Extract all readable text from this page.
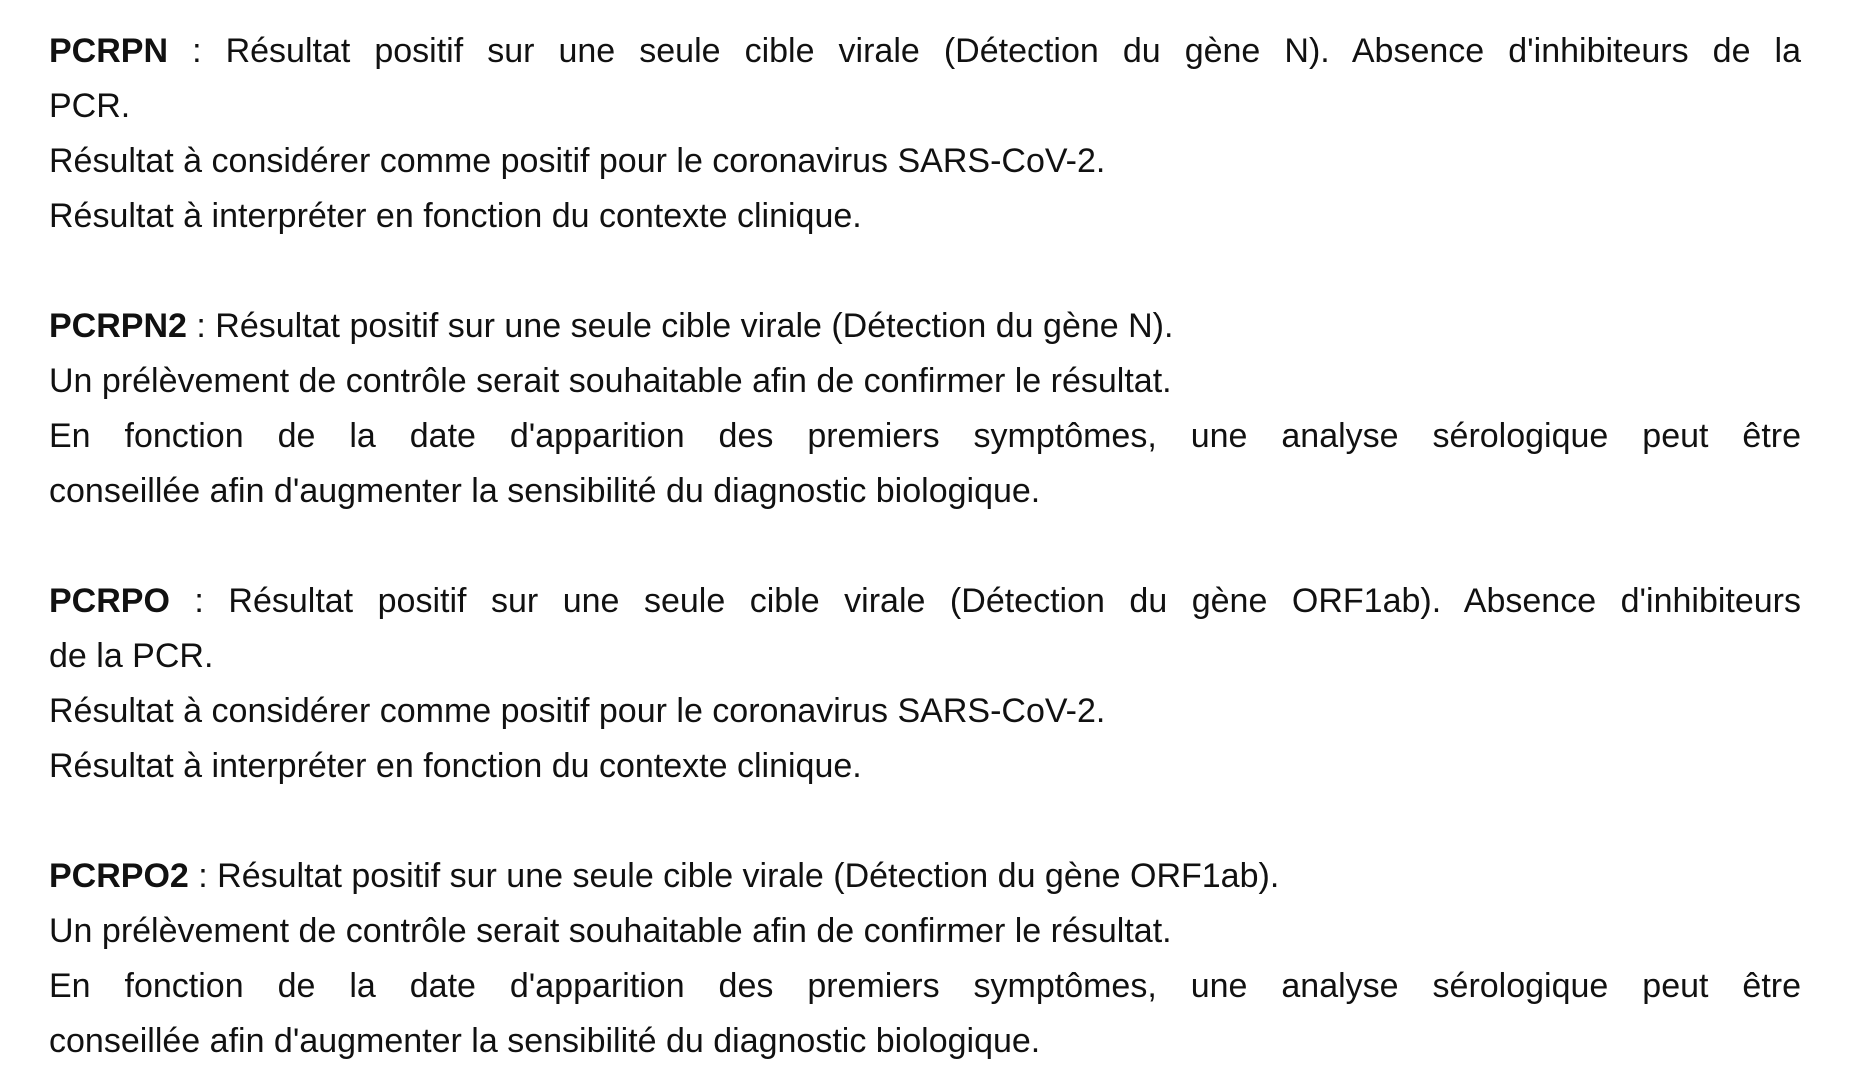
PCRPN : Résultat positif sur une seule cible virale (Détection du gène N). Absence d'inhibiteurs de la
PCR.
Résultat à considérer comme positif pour le coronavirus SARS-CoV-2.
Résultat à interpréter en fonction du contexte clinique.
PCRPN2 : Résultat positif sur une seule cible virale (Détection du gène N).
Un prélèvement de contrôle serait souhaitable afin de confirmer le résultat.
En fonction de la date d'apparition des premiers symptômes, une analyse sérologique peut être
conseillée afin d'augmenter la sensibilité du diagnostic biologique.
PCRPO : Résultat positif sur une seule cible virale (Détection du gène ORF1ab). Absence d'inhibiteurs
de la PCR.
Résultat à considérer comme positif pour le coronavirus SARS-CoV-2.
Résultat à interpréter en fonction du contexte clinique.
PCRPO2 : Résultat positif sur une seule cible virale (Détection du gène ORF1ab).
Un prélèvement de contrôle serait souhaitable afin de confirmer le résultat.
En fonction de la date d'apparition des premiers symptômes, une analyse sérologique peut être
conseillée afin d'augmenter la sensibilité du diagnostic biologique.
